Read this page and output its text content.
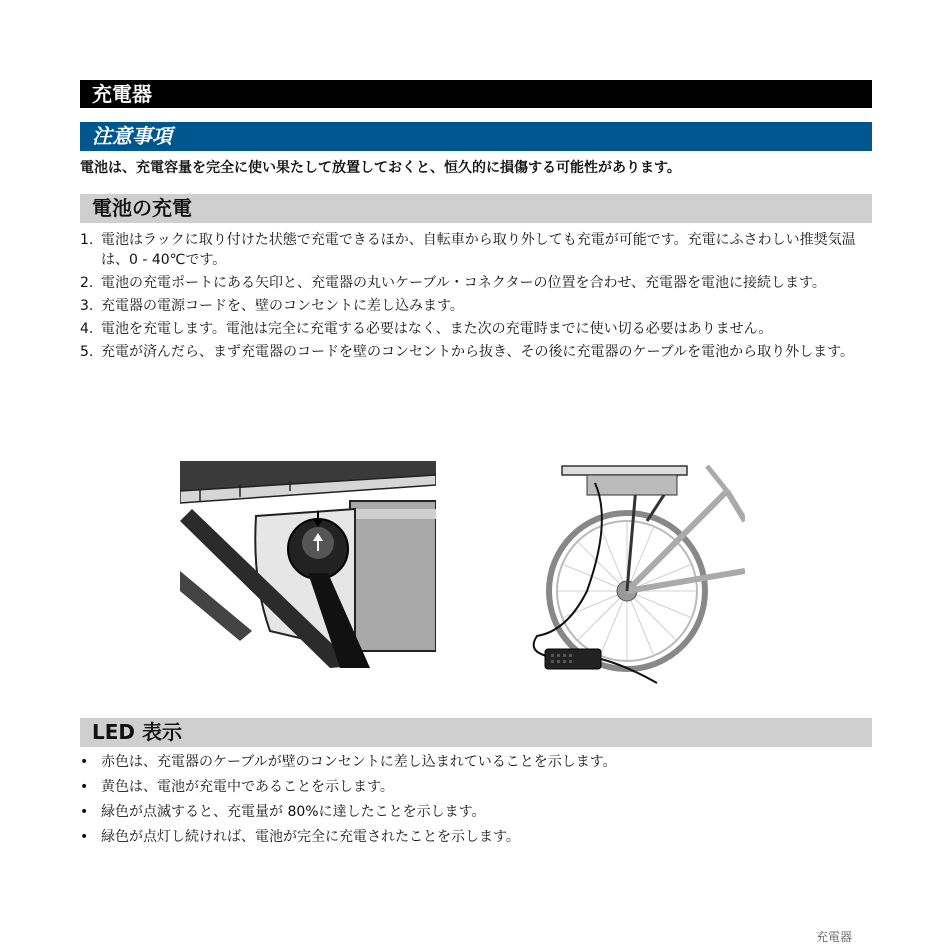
充電器
注意事項
電池は、充電容量を完全に使い果たして放置しておくと、恒久的に損傷する可能性があります。
電池の充電
1. 電池はラックに取り付けた状態で充電できるほか、自転車から取り外しても充電が可能です。充電にふさわしい推奨気温は、0 - 40℃です。
2. 電池の充電ポートにある矢印と、充電器の丸いケーブル・コネクターの位置を合わせ、充電器を電池に接続します。
3. 充電器の電源コードを、壁のコンセントに差し込みます。
4. 電池を充電します。電池は完全に充電する必要はなく、また次の充電時までに使い切る必要はありません。
5. 充電が済んだら、まず充電器のコードを壁のコンセントから抜き、その後に充電器のケーブルを電池から取り外します。
LED 表示
• 赤色は、充電器のケーブルが壁のコンセントに差し込まれていることを示します。
• 黄色は、電池が充電中であることを示します。
• 緑色が点滅すると、充電量が 80%に達したことを示します。
• 緑色が点灯し続ければ、電池が完全に充電されたことを示します。
充電器
